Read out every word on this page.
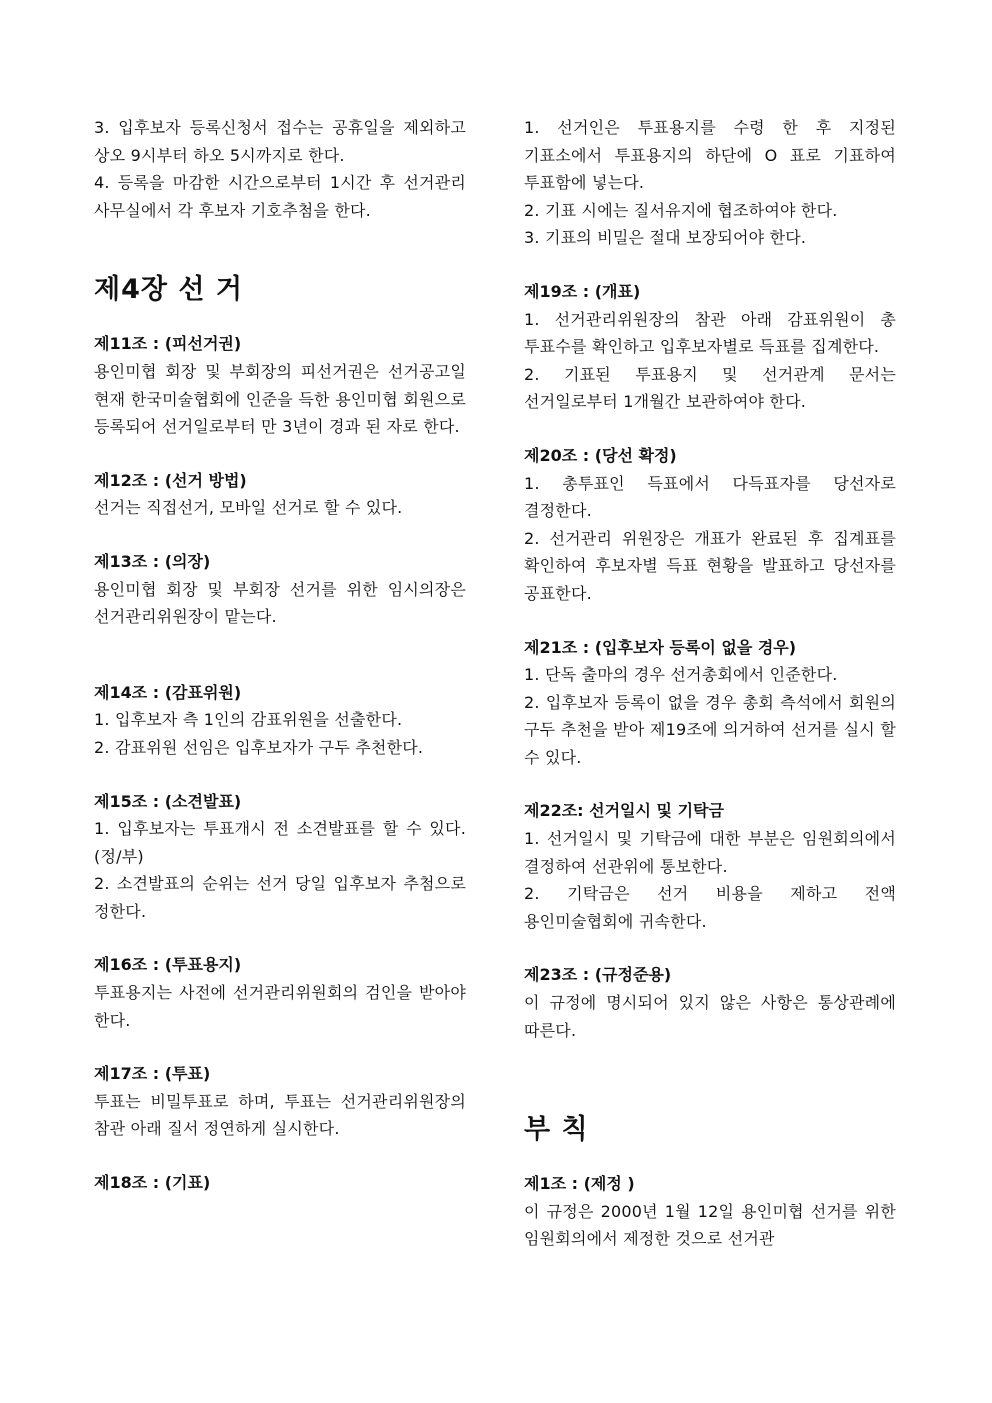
3. 입후보자 등록신청서 접수는 공휴일을 제외하고 상오 9시부터 하오 5시까지로 한다.

4. 등록을 마감한 시간으로부터 1시간 후 선거관리 사무실에서 각 후보자 기호추첨을 한다.

제4장 선 거
제11조 : (피선거권)

용인미협 회장 및 부회장의 피선거권은 선거공고일 현재 한국미술협회에 인준을 득한 용인미협 회원으로 등록되어 선거일로부터 만 3년이 경과 된 자로 한다.

제12조 : (선거 방법)

선거는 직접선거, 모바일 선거로 할 수 있다.

제13조 : (의장)

용인미협 회장 및 부회장 선거를 위한 임시의장은 선거관리위원장이 맡는다.

제14조 : (감표위원)

1. 입후보자 측 1인의 감표위원을 선출한다.

2. 감표위원 선임은 입후보자가 구두 추천한다.

제15조 : (소견발표)

1. 입후보자는 투표개시 전 소견발표를 할 수 있다. (정/부)

2. 소견발표의 순위는 선거 당일 입후보자 추첨으로 정한다.

제16조 : (투표용지)

투표용지는 사전에 선거관리위원회의 검인을 받아야 한다.

제17조 : (투표)

투표는 비밀투표로 하며, 투표는 선거관리위원장의 참관 아래 질서 정연하게 실시한다.

제18조 : (기표)

1. 선거인은 투표용지를 수령 한 후 지정된 기표소에서 투표용지의 하단에 O 표로 기표하여 투표함에 넣는다.

2. 기표 시에는 질서유지에 협조하여야 한다.

3. 기표의 비밀은 절대 보장되어야 한다.

제19조 : (개표)

1. 선거관리위원장의 참관 아래 감표위원이 총 투표수를 확인하고 입후보자별로 득표를 집계한다.

2. 기표된 투표용지 및 선거관계 문서는 선거일로부터 1개월간 보관하여야 한다.

제20조 : (당선 확정)

1. 총투표인 득표에서 다득표자를 당선자로 결정한다.

2. 선거관리 위원장은 개표가 완료된 후 집계표를 확인하여 후보자별 득표 현황을 발표하고 당선자를 공표한다.

제21조 : (입후보자 등록이 없을 경우)

1. 단독 출마의 경우 선거총회에서 인준한다.

2. 입후보자 등록이 없을 경우 총회 측석에서 회원의 구두 추천을 받아 제19조에 의거하여 선거를 실시 할 수 있다.

제22조: 선거일시 및 기탁금

1. 선거일시 및 기탁금에 대한 부분은 임원회의에서 결정하여 선관위에 통보한다.

2. 기탁금은 선거 비용을 제하고 전액 용인미술협회에 귀속한다.

제23조 : (규정준용)

이 규정에 명시되어 있지 않은 사항은 통상관례에 따른다.

부 칙
제1조 : (제정 )

이 규정은 2000년 1월 12일 용인미협 선거를 위한 임원회의에서 제정한 것으로 선거관
